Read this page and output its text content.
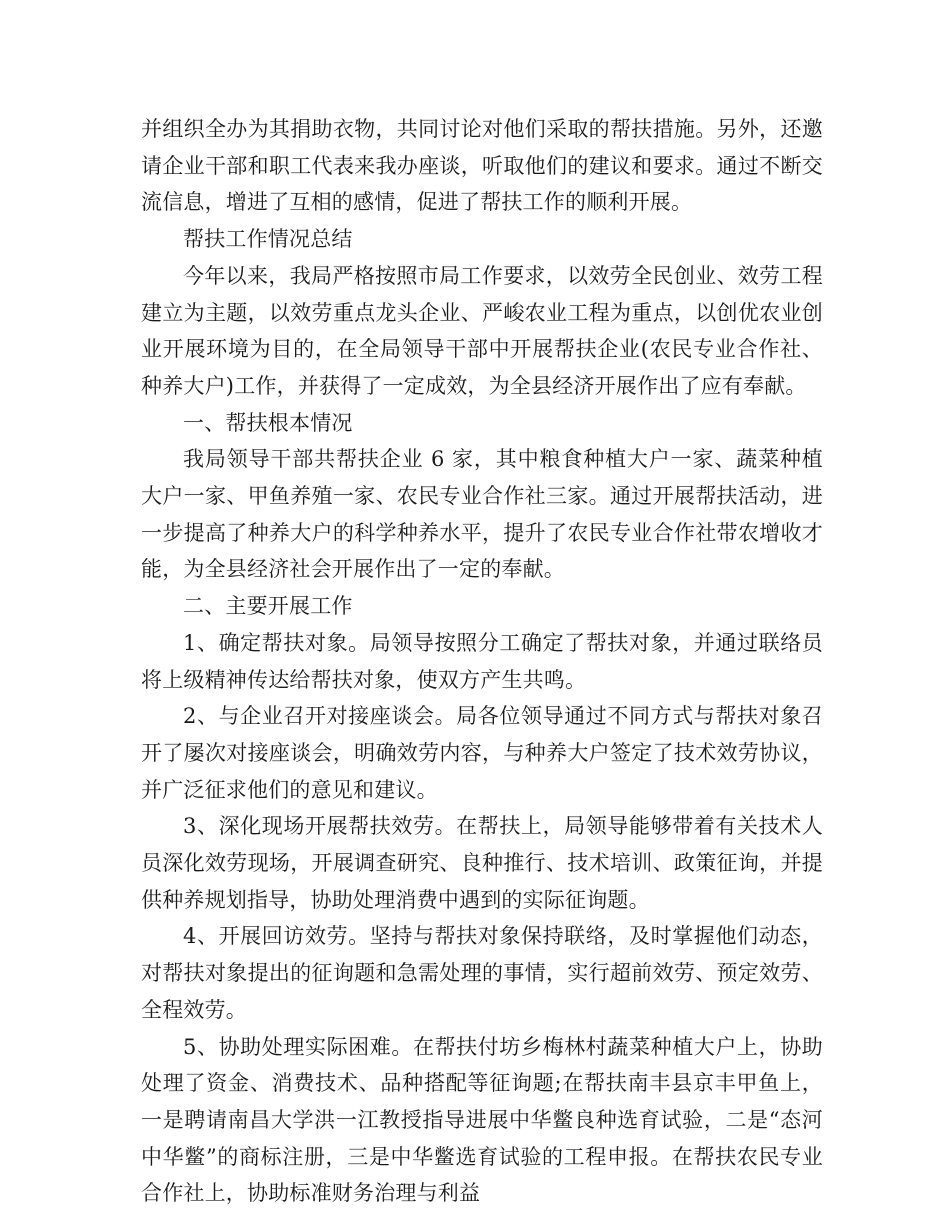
并组织全办为其捐助衣物，共同讨论对他们采取的帮扶措施。另外，还邀请企业干部和职工代表来我办座谈，听取他们的建议和要求。通过不断交流信息，增进了互相的感情，促进了帮扶工作的顺利开展。

帮扶工作情况总结

今年以来，我局严格按照市局工作要求，以效劳全民创业、效劳工程建立为主题，以效劳重点龙头企业、严峻农业工程为重点，以创优农业创业开展环境为目的，在全局领导干部中开展帮扶企业(农民专业合作社、种养大户)工作，并获得了一定成效，为全县经济开展作出了应有奉献。

一、帮扶根本情况

我局领导干部共帮扶企业 6 家，其中粮食种植大户一家、蔬菜种植大户一家、甲鱼养殖一家、农民专业合作社三家。通过开展帮扶活动，进一步提高了种养大户的科学种养水平，提升了农民专业合作社带农增收才能，为全县经济社会开展作出了一定的奉献。

二、主要开展工作

1、确定帮扶对象。局领导按照分工确定了帮扶对象，并通过联络员将上级精神传达给帮扶对象，使双方产生共鸣。

2、与企业召开对接座谈会。局各位领导通过不同方式与帮扶对象召开了屡次对接座谈会，明确效劳内容，与种养大户签定了技术效劳协议，并广泛征求他们的意见和建议。

3、深化现场开展帮扶效劳。在帮扶上，局领导能够带着有关技术人员深化效劳现场，开展调查研究、良种推行、技术培训、政策征询，并提供种养规划指导，协助处理消费中遇到的实际征询题。

4、开展回访效劳。坚持与帮扶对象保持联络，及时掌握他们动态，对帮扶对象提出的征询题和急需处理的事情，实行超前效劳、预定效劳、全程效劳。

5、协助处理实际困难。在帮扶付坊乡梅林村蔬菜种植大户上，协助处理了资金、消费技术、品种搭配等征询题;在帮扶南丰县京丰甲鱼上，一是聘请南昌大学洪一江教授指导进展中华鳖良种选育试验，二是“态河中华鳖”的商标注册，三是中华鳖选育试验的工程申报。在帮扶农民专业合作社上，协助标准财务治理与利益
